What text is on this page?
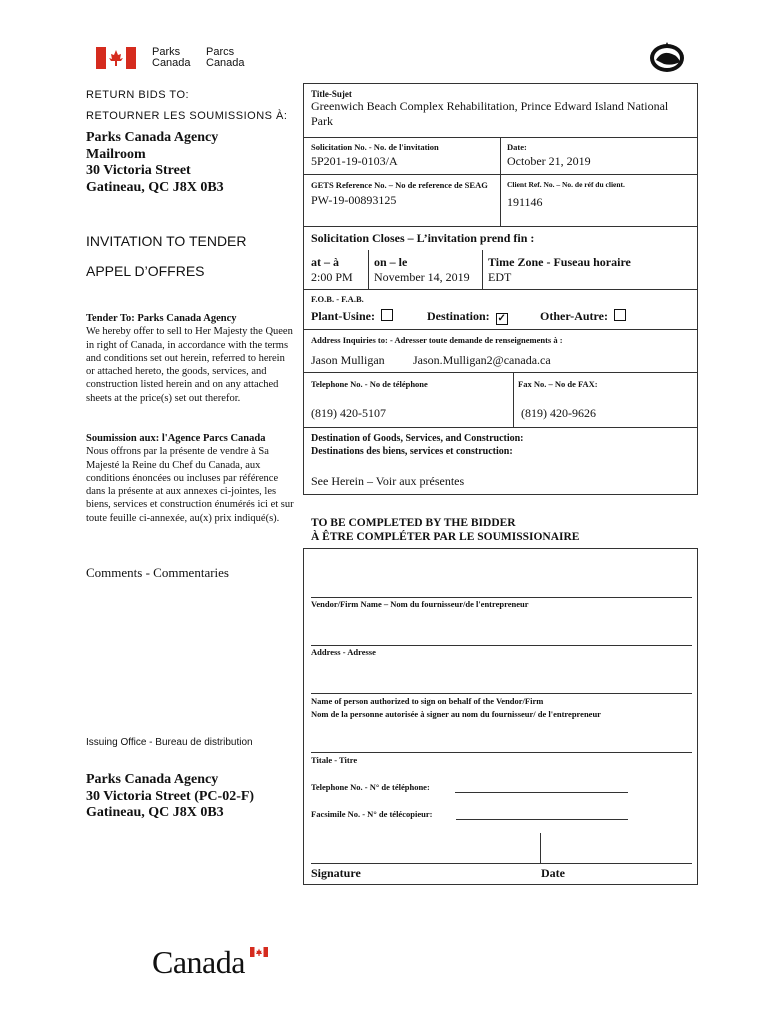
Parks
Canada
Parcs
Canada
RETURN BIDS TO:
RETOURNER LES SOUMISSIONS À:
Parks Canada Agency
Mailroom
30 Victoria Street
Gatineau, QC J8X 0B3
INVITATION TO TENDER
APPEL D’OFFRES
Tender To: Parks Canada Agency
We hereby offer to sell to Her Majesty the Queen in right of Canada, in accordance with the terms and conditions set out herein, referred to herein or attached hereto, the goods, services, and construction listed herein and on any attached sheets at the price(s) set out therefor.
Soumission aux: l'Agence Parcs Canada
Nous offrons par la présente de vendre à Sa Majesté la Reine du Chef du Canada, aux conditions énoncées ou incluses par référence dans la présente at aux annexes ci-jointes, les biens, services et construction énumérés ici et sur toute feuille ci-annexée, au(x) prix indiqué(s).
Comments - Commentaries
Issuing Office - Bureau de distribution
Parks Canada Agency
30 Victoria Street (PC-02-F)
Gatineau, QC J8X 0B3
Title-Sujet
Greenwich Beach Complex Rehabilitation, Prince Edward Island National Park
Solicitation No. - No. de l'invitation
5P201-19-0103/A
Date:
October 21, 2019
GETS Reference No. – No de reference de SEAG
PW-19-00893125
Client Ref. No. – No. de réf du client.
191146
Solicitation Closes – L’invitation prend fin :
at – à
2:00 PM
on – le
November 14, 2019
Time Zone - Fuseau horaire
EDT
F.O.B. - F.A.B.
Plant-Usine:	Destination: ✓	Other-Autre:
Address Inquiries to: - Adresser toute demande de renseignements à :
Jason Mulligan Jason.Mulligan2@canada.ca
Telephone No. - No de téléphone
(819) 420-5107
Fax No. – No de FAX:
(819) 420-9626
Destination of Goods, Services, and Construction:
Destinations des biens, services et construction:
See Herein – Voir aux présentes
TO BE COMPLETED BY THE BIDDER
À ÊTRE COMPLÉTER PAR LE SOUMISSIONAIRE
Vendor/Firm Name – Nom du fournisseur/de l'entrepreneur
Address - Adresse
Name of person authorized to sign on behalf of the Vendor/Firm
Nom de la personne autorisée à signer au nom du fournisseur/ de l'entrepreneur
Titale - Titre
Telephone No. - N° de téléphone:
Facsimile No. - N° de télécopieur:
Signature	Date
Canada
